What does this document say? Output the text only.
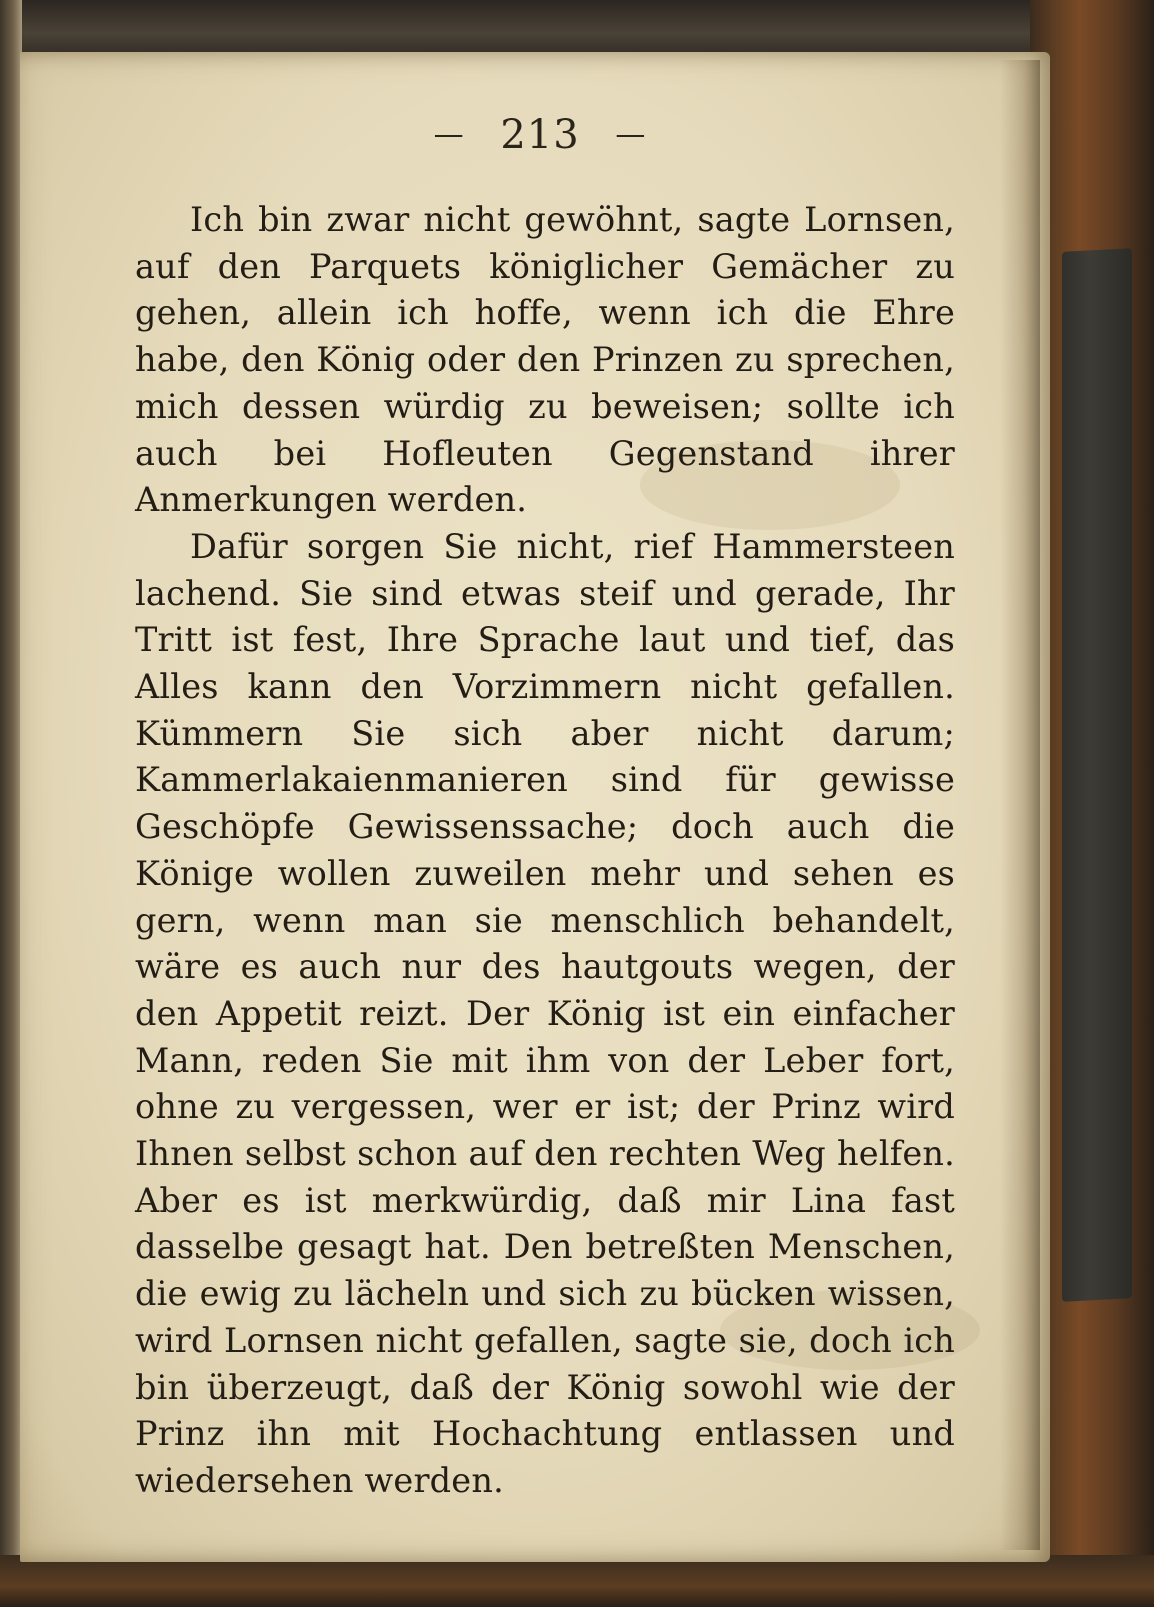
— 213 —

Ich bin zwar nicht gewöhnt, sagte Lornsen, auf den Parquets königlicher Gemächer zu gehen, allein ich hoffe, wenn ich die Ehre habe, den König oder den Prinzen zu sprechen, mich dessen würdig zu beweisen; sollte ich auch bei Hofleuten Gegenstand ihrer Anmerkungen werden.

Dafür sorgen Sie nicht, rief Hammersteen lachend. Sie sind etwas steif und gerade, Ihr Tritt ist fest, Ihre Sprache laut und tief, das Alles kann den Vorzimmern nicht gefallen. Kümmern Sie sich aber nicht darum; Kammerlakaienmanieren sind für gewisse Geschöpfe Gewissenssache; doch auch die Könige wollen zuweilen mehr und sehen es gern, wenn man sie menschlich behandelt, wäre es auch nur des hautgouts wegen, der den Appetit reizt. Der König ist ein einfacher Mann, reden Sie mit ihm von der Leber fort, ohne zu vergessen, wer er ist; der Prinz wird Ihnen selbst schon auf den rechten Weg helfen. Aber es ist merkwürdig, daß mir Lina fast dasselbe gesagt hat. Den betreßten Menschen, die ewig zu lächeln und sich zu bücken wissen, wird Lornsen nicht gefallen, sagte sie, doch ich bin überzeugt, daß der König sowohl wie der Prinz ihn mit Hochachtung entlassen und wiedersehen werden.
